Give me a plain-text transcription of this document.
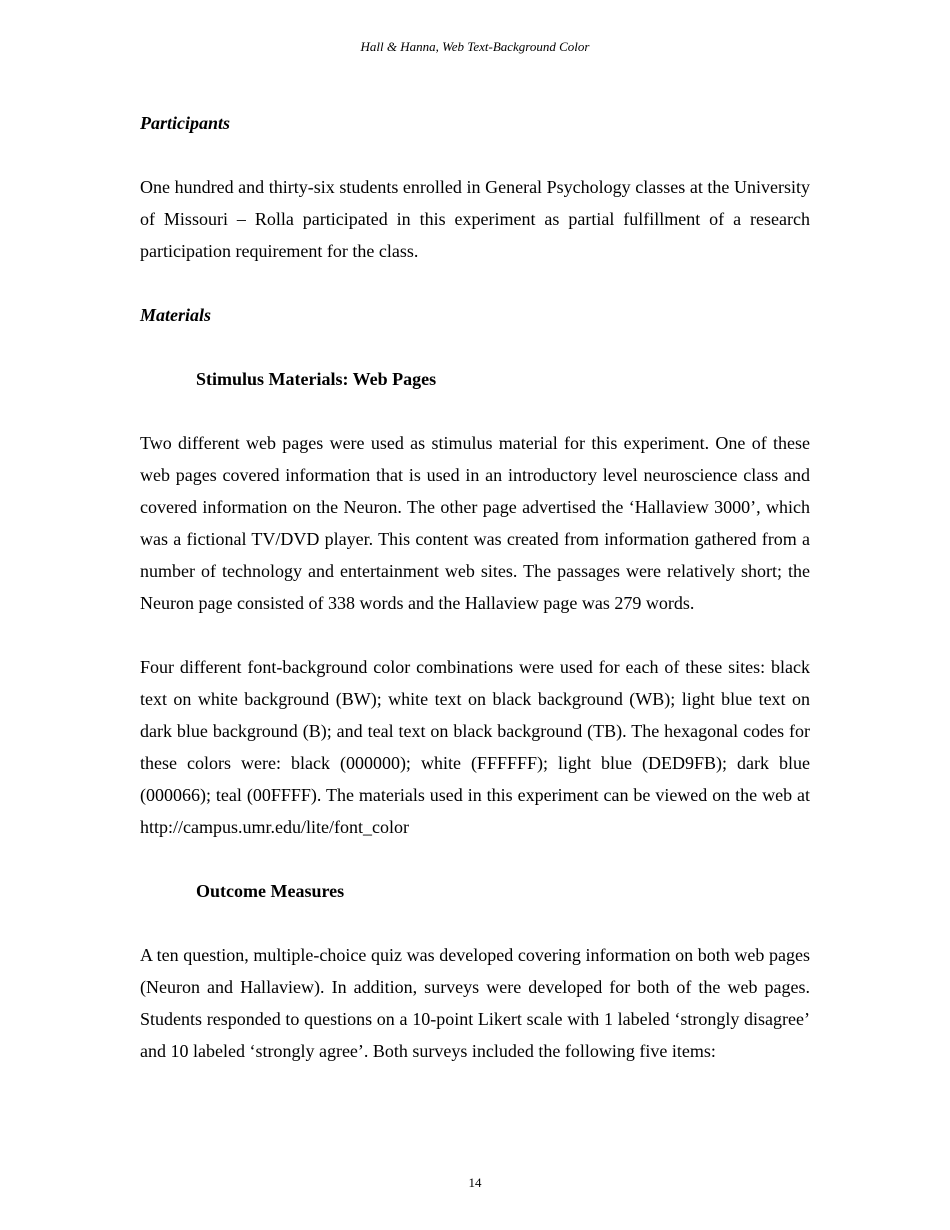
Hall & Hanna, Web Text-Background Color
Participants

One hundred and thirty-six students enrolled in General Psychology classes at the University of Missouri – Rolla participated in this experiment as partial fulfillment of a research participation requirement for the class.

Materials
Stimulus Materials: Web Pages

Two different web pages were used as stimulus material for this experiment. One of these web pages covered information that is used in an introductory level neuroscience class and covered information on the Neuron. The other page advertised the ‘Hallaview 3000’, which was a fictional TV/DVD player. This content was created from information gathered from a number of technology and entertainment web sites. The passages were relatively short; the Neuron page consisted of 338 words and the Hallaview page was 279 words.

Four different font-background color combinations were used for each of these sites: black text on white background (BW); white text on black background (WB); light blue text on dark blue background (B); and teal text on black background (TB). The hexagonal codes for these colors were: black (000000); white (FFFFFF); light blue (DED9FB); dark blue (000066); teal (00FFFF). The materials used in this experiment can be viewed on the web at http://campus.umr.edu/lite/font_color

Outcome Measures

A ten question, multiple-choice quiz was developed covering information on both web pages (Neuron and Hallaview). In addition, surveys were developed for both of the web pages. Students responded to questions on a 10-point Likert scale with 1 labeled ‘strongly disagree’ and 10 labeled ‘strongly agree’. Both surveys included the following five items:

14
